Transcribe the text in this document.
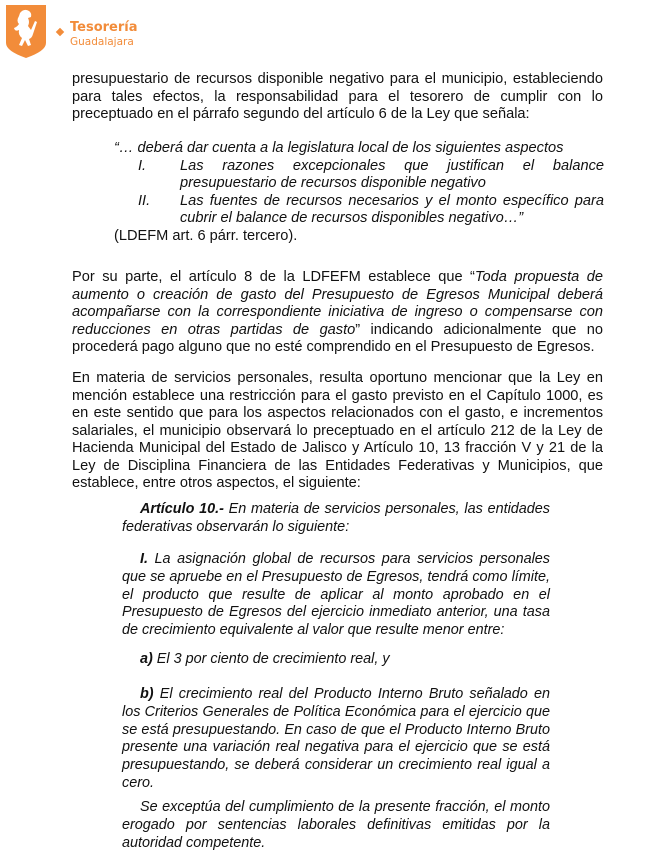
Tesorería
Guadalajara

presupuestario de recursos disponible negativo para el municipio, estableciendo para tales efectos, la responsabilidad para el tesorero de cumplir con lo preceptuado en el párrafo segundo del artículo 6 de la Ley que señala:

“… deberá dar cuenta a la legislatura local de los siguientes aspectos
I. Las razones excepcionales que justifican el balance presupuestario de recursos disponible negativo
II. Las fuentes de recursos necesarios y el monto específico para cubrir el balance de recursos disponibles negativo…”
(LDEFM art. 6 párr. tercero).

Por su parte, el artículo 8 de la LDFEFM establece que “Toda propuesta de aumento o creación de gasto del Presupuesto de Egresos Municipal deberá acompañarse con la correspondiente iniciativa de ingreso o compensarse con reducciones en otras partidas de gasto” indicando adicionalmente que no procederá pago alguno que no esté comprendido en el Presupuesto de Egresos.

En materia de servicios personales, resulta oportuno mencionar que la Ley en mención establece una restricción para el gasto previsto en el Capítulo 1000, es en este sentido que para los aspectos relacionados con el gasto, e incrementos salariales, el municipio observará lo preceptuado en el artículo 212 de la Ley de Hacienda Municipal del Estado de Jalisco y Artículo 10, 13 fracción V y 21 de la Ley de Disciplina Financiera de las Entidades Federativas y Municipios, que establece, entre otros aspectos, el siguiente:

Artículo 10.- En materia de servicios personales, las entidades federativas observarán lo siguiente:

I. La asignación global de recursos para servicios personales que se apruebe en el Presupuesto de Egresos, tendrá como límite, el producto que resulte de aplicar al monto aprobado en el Presupuesto de Egresos del ejercicio inmediato anterior, una tasa de crecimiento equivalente al valor que resulte menor entre:

a) El 3 por ciento de crecimiento real, y

b) El crecimiento real del Producto Interno Bruto señalado en los Criterios Generales de Política Económica para el ejercicio que se está presupuestando. En caso de que el Producto Interno Bruto presente una variación real negativa para el ejercicio que se está presupuestando, se deberá considerar un crecimiento real igual a cero.

Se exceptúa del cumplimiento de la presente fracción, el monto erogado por sentencias laborales definitivas emitidas por la autoridad competente.
